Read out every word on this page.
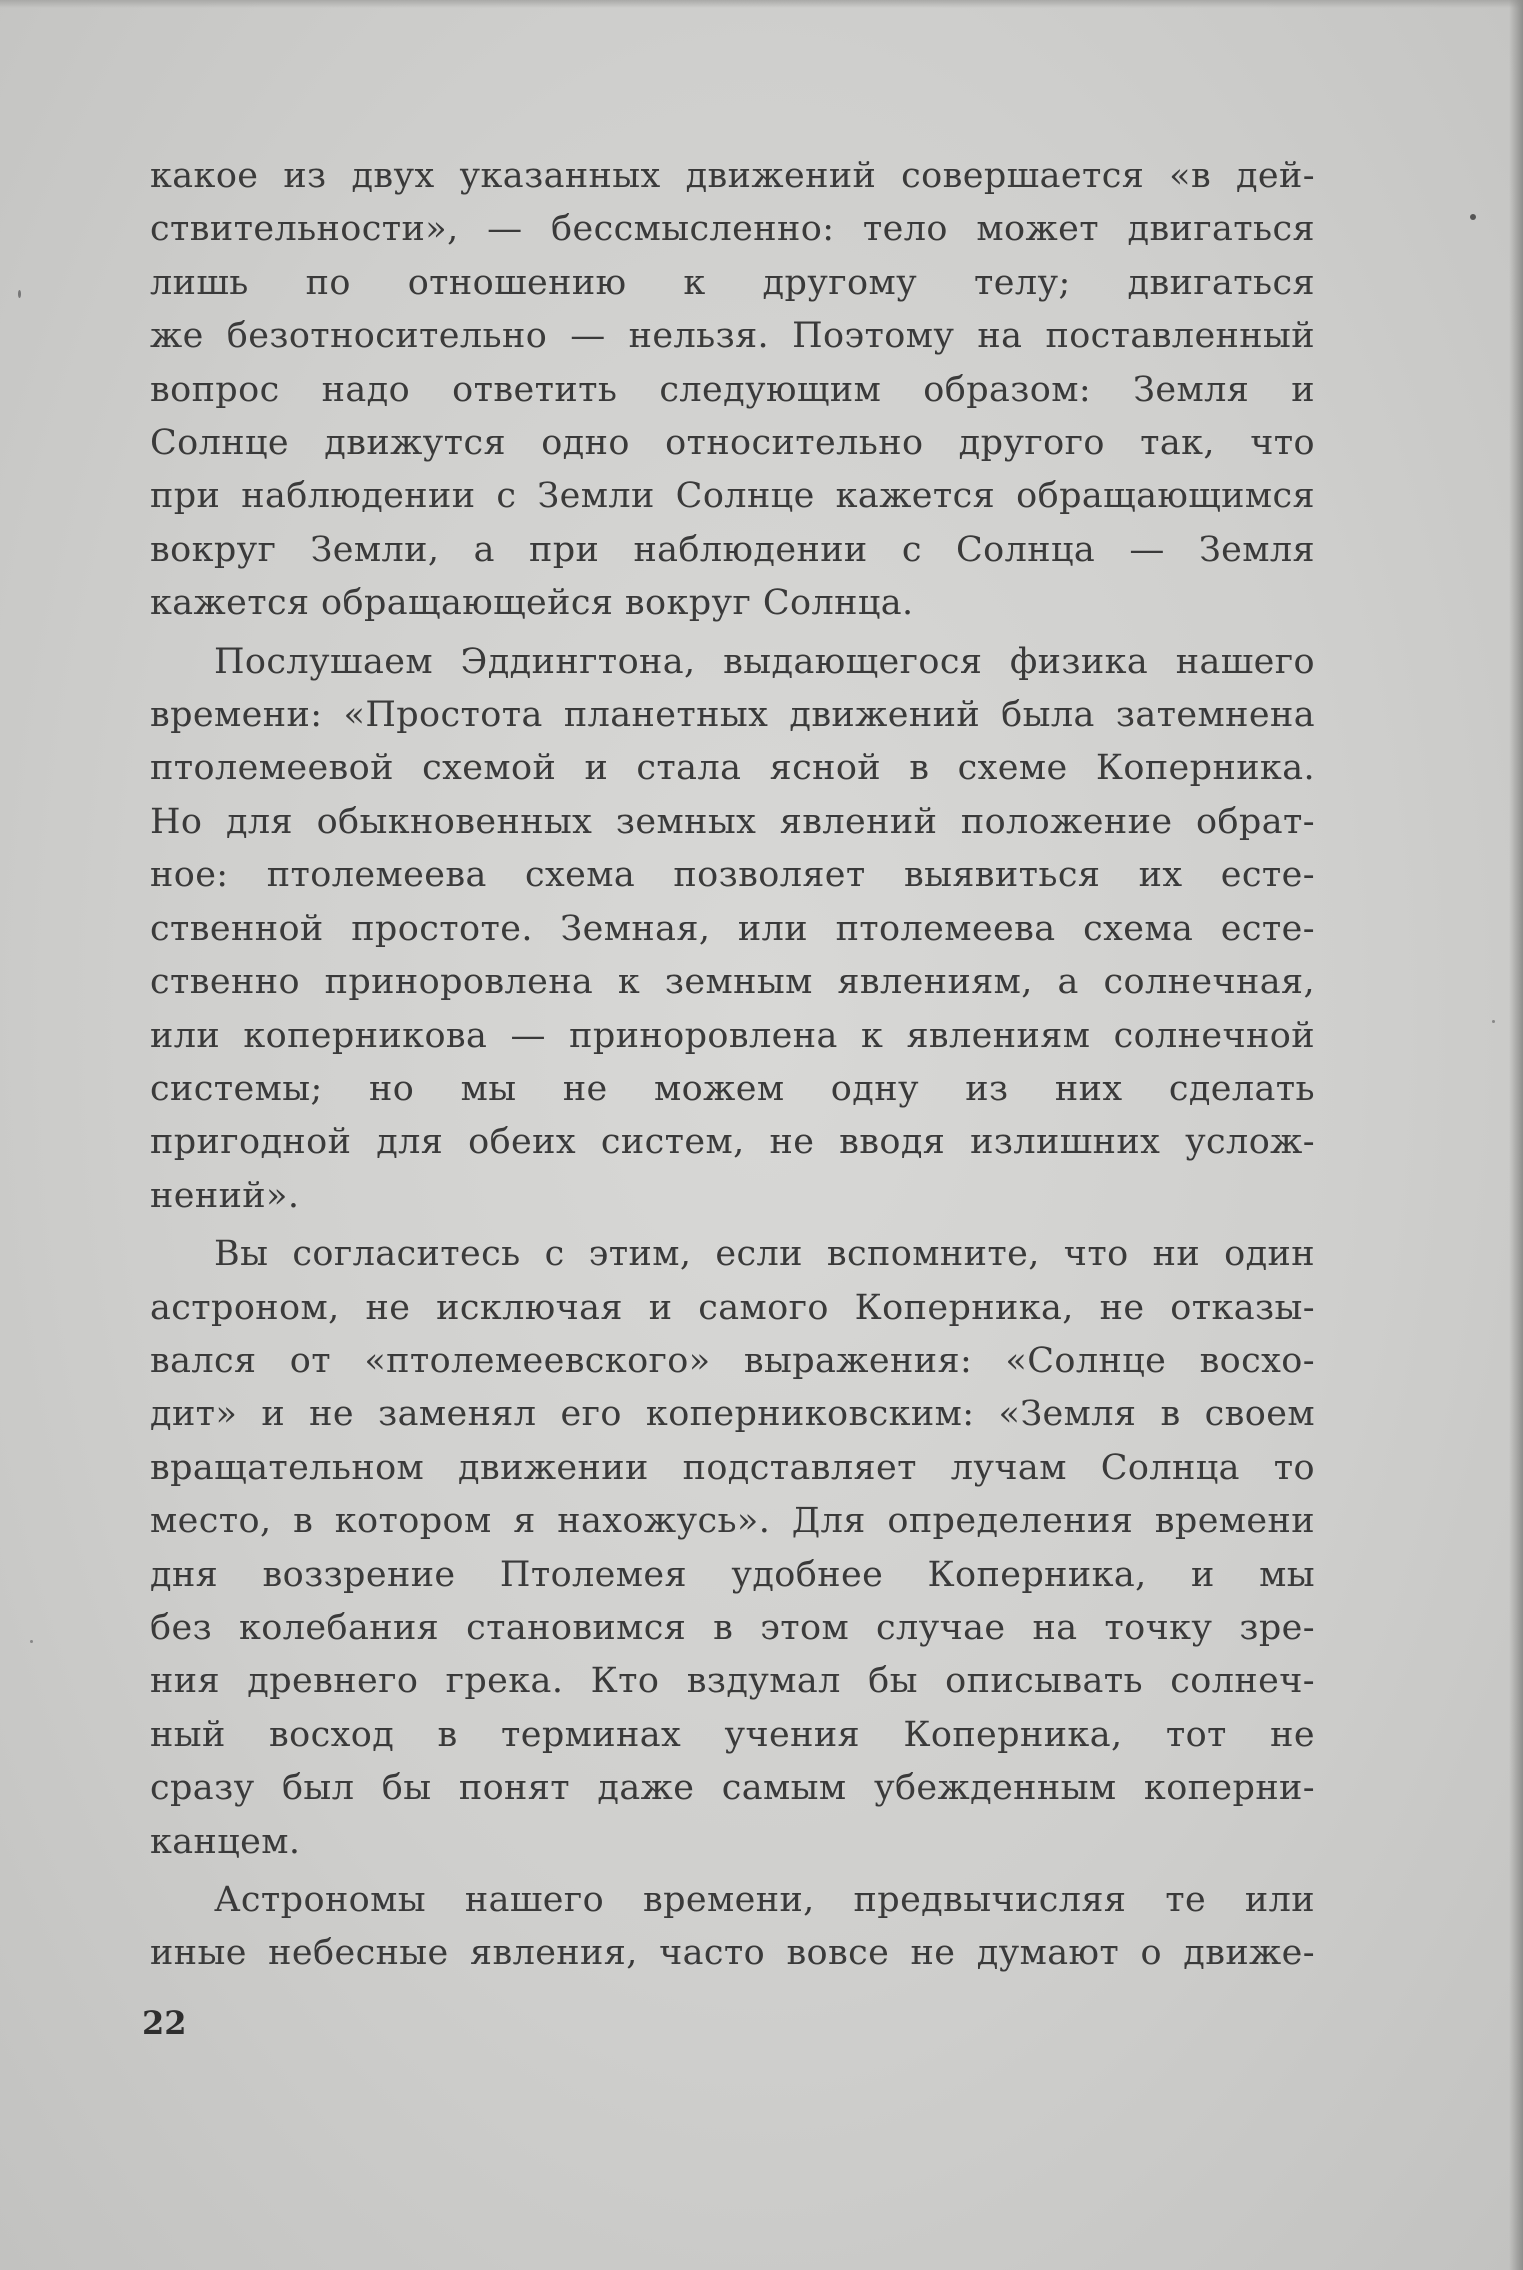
какое из двух указанных движений совершается «в дей-

ствительности», — бессмысленно: тело может двигаться

лишь по отношению к другому телу; двигаться

же безотносительно — нельзя. Поэтому на поставленный

вопрос надо ответить следующим образом: Земля и

Солнце движутся одно относительно другого так, что

при наблюдении с Земли Солнце кажется обращающимся

вокруг Земли, а при наблюдении с Солнца — Земля

кажется обращающейся вокруг Солнца.

Послушаем Эддингтона, выдающегося физика нашего

времени: «Простота планетных движений была затемнена

птолемеевой схемой и стала ясной в схеме Коперника.

Но для обыкновенных земных явлений положение обрат-

ное: птолемеева схема позволяет выявиться их есте-

ственной простоте. Земная, или птолемеева схема есте-

ственно приноровлена к земным явлениям, а солнечная,

или коперникова — приноровлена к явлениям солнечной

системы; но мы не можем одну из них сделать

пригодной для обеих систем, не вводя излишних услож-

нений».

Вы согласитесь с этим, если вспомните, что ни один

астроном, не исключая и самого Коперника, не отказы-

вался от «птолемеевского» выражения: «Солнце восхо-

дит» и не заменял его коперниковским: «Земля в своем

вращательном движении подставляет лучам Солнца то

место, в котором я нахожусь». Для определения времени

дня воззрение Птолемея удобнее Коперника, и мы

без колебания становимся в этом случае на точку зре-

ния древнего грека. Кто вздумал бы описывать солнеч-

ный восход в терминах учения Коперника, тот не

сразу был бы понят даже самым убежденным коперни-

канцем.

Астрономы нашего времени, предвычисляя те или

иные небесные явления, часто вовсе не думают о движе-

22
